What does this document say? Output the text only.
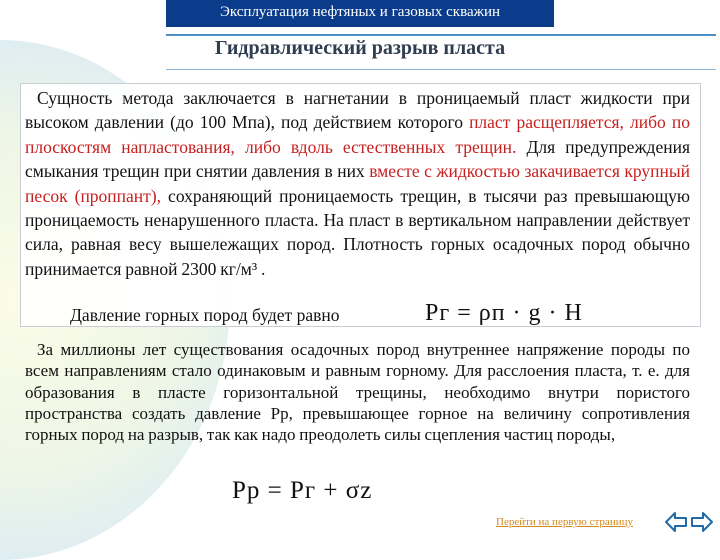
Эксплуатация нефтяных и газовых скважин
Гидравлический разрыв пласта
Сущность метода заключается в нагнетании в проницаемый пласт жидкости при высоком давлении (до 100 Мпа), под действием которого пласт расщепляется, либо по плоскостям напластования, либо вдоль естественных трещин. Для предупреждения смыкания трещин при снятии давления в них вместе с жидкостью закачивается крупный песок (проппант), сохраняющий проницаемость трещин, в тысячи раз превышающую проницаемость ненарушенного пласта. На пласт в вертикальном направлении действует сила, равная весу вышележащих пород. Плотность горных осадочных пород обычно принимается равной 2300 кг/м³ .
Давление горных пород будет равно	Pг = ρп · g · H
За миллионы лет существования осадочных пород внутреннее напряжение породы по всем направлениям стало одинаковым и равным горному. Для расслоения пласта, т. е. для образования в пласте горизонтальной трещины, необходимо внутри пористого пространства создать давление Рр, превышающее горное на величину сопротивления горных пород на разрыв, так как надо преодолеть силы сцепления частиц породы,
Pр = Pг + σz
Перейти на первую страницу
